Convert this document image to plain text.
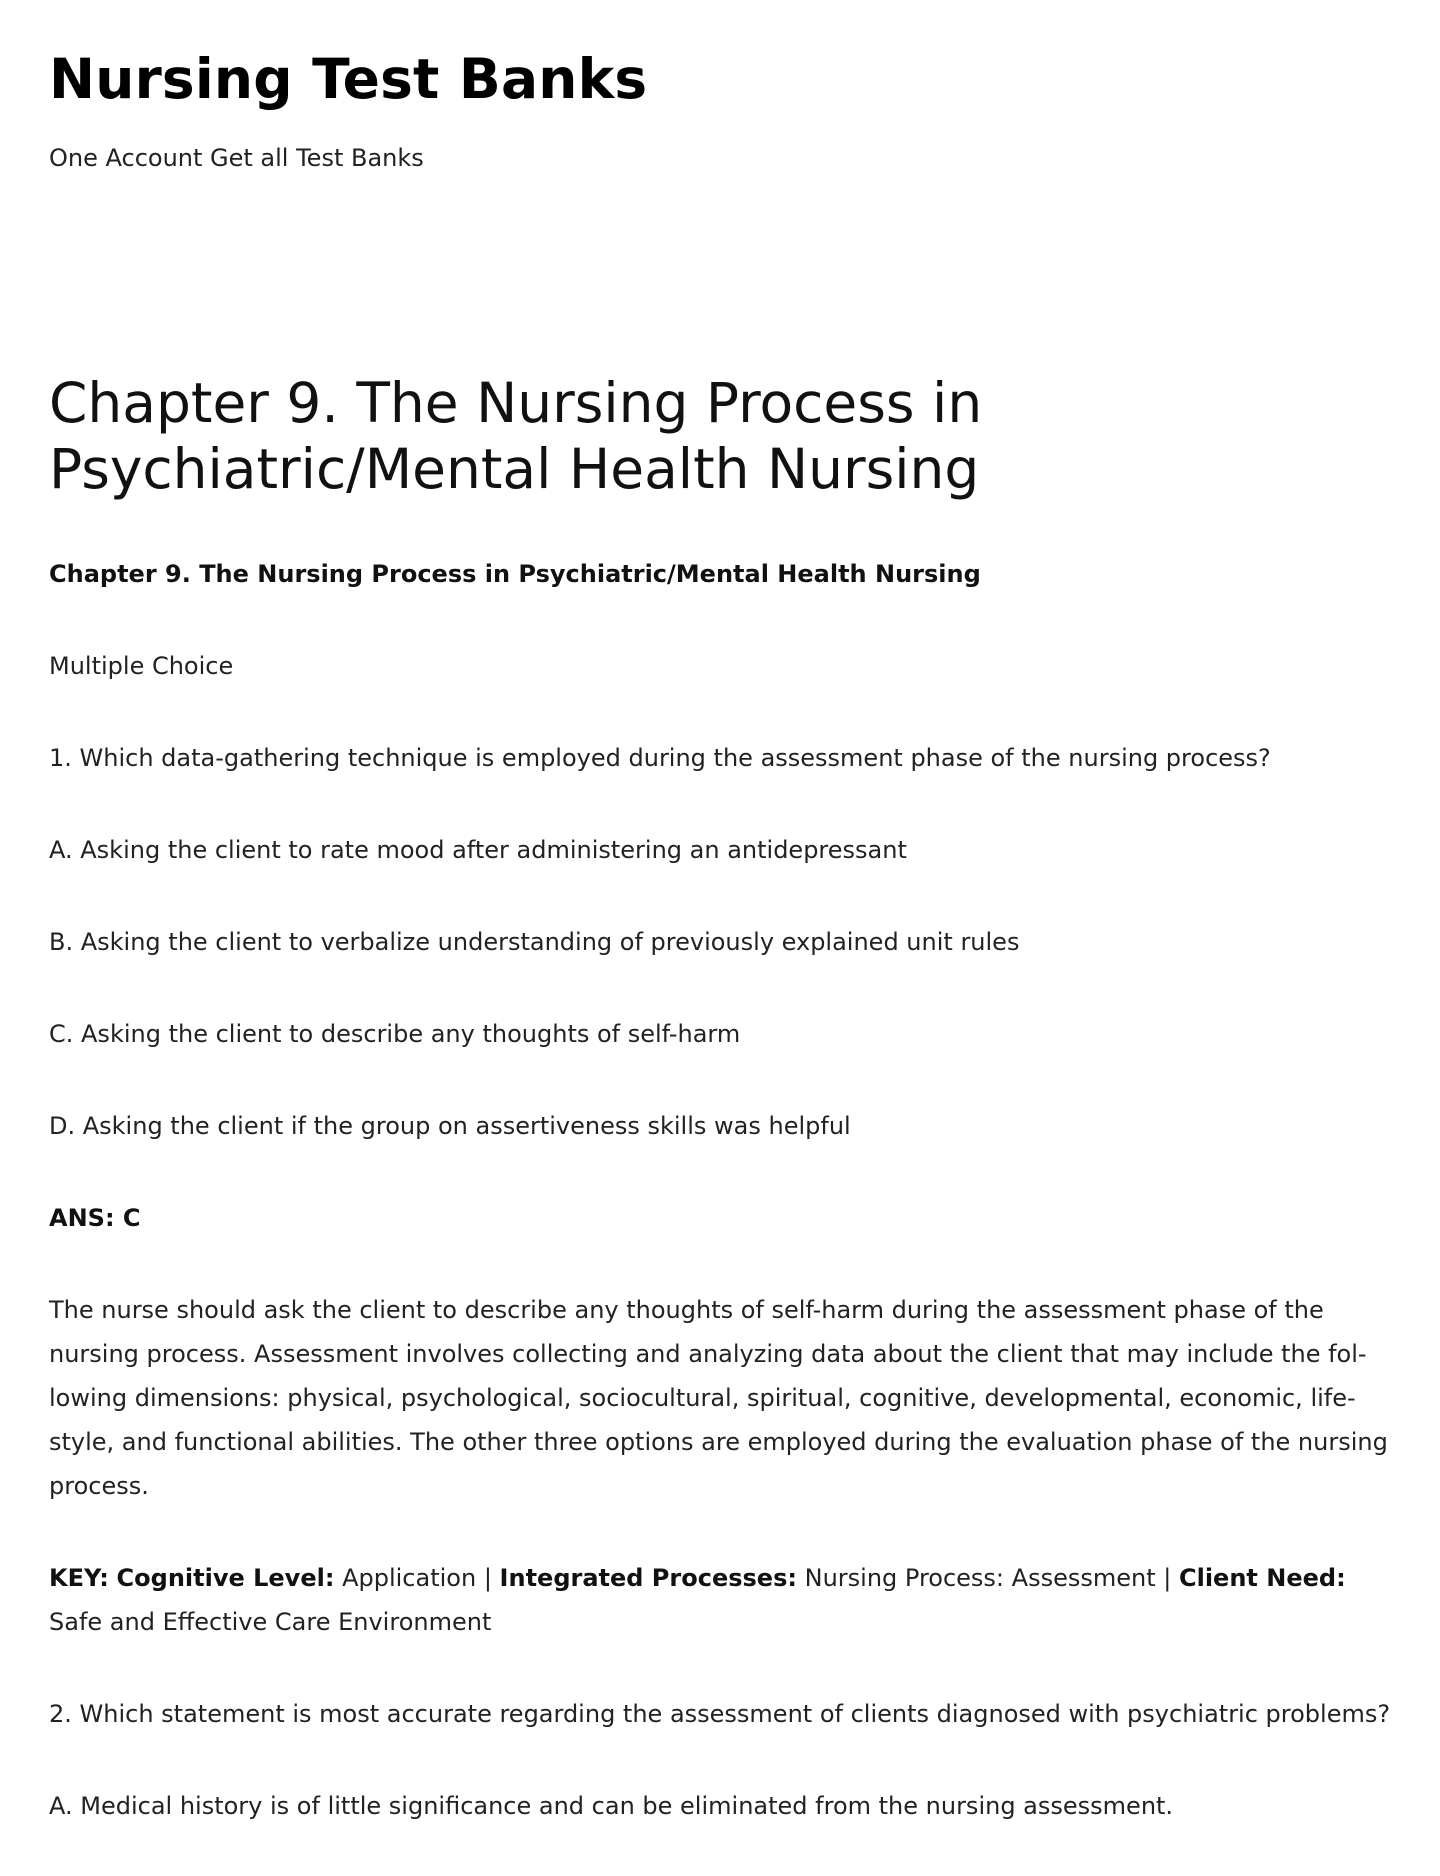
Nursing Test Banks

One Account Get all Test Banks

Chapter 9. The Nursing Process in Psychiatric/Mental Health Nursing

Chapter 9. The Nursing Process in Psychiatric/Mental Health Nursing

Multiple Choice

1. Which data-gathering technique is employed during the assessment phase of the nursing process?

A. Asking the client to rate mood after administering an antidepressant

B. Asking the client to verbalize understanding of previously explained unit rules

C. Asking the client to describe any thoughts of self-harm

D. Asking the client if the group on assertiveness skills was helpful

ANS: C

The nurse should ask the client to describe any thoughts of self-harm during the assessment phase of the nursing process. Assessment involves collecting and analyzing data about the client that may include the following dimensions: physical, psychological, sociocultural, spiritual, cognitive, developmental, economic, lifestyle, and functional abilities. The other three options are employed during the evaluation phase of the nursing process.

KEY: Cognitive Level: Application | Integrated Processes: Nursing Process: Assessment | Client Need: Safe and Effective Care Environment

2. Which statement is most accurate regarding the assessment of clients diagnosed with psychiatric problems?

A. Medical history is of little significance and can be eliminated from the nursing assessment.
